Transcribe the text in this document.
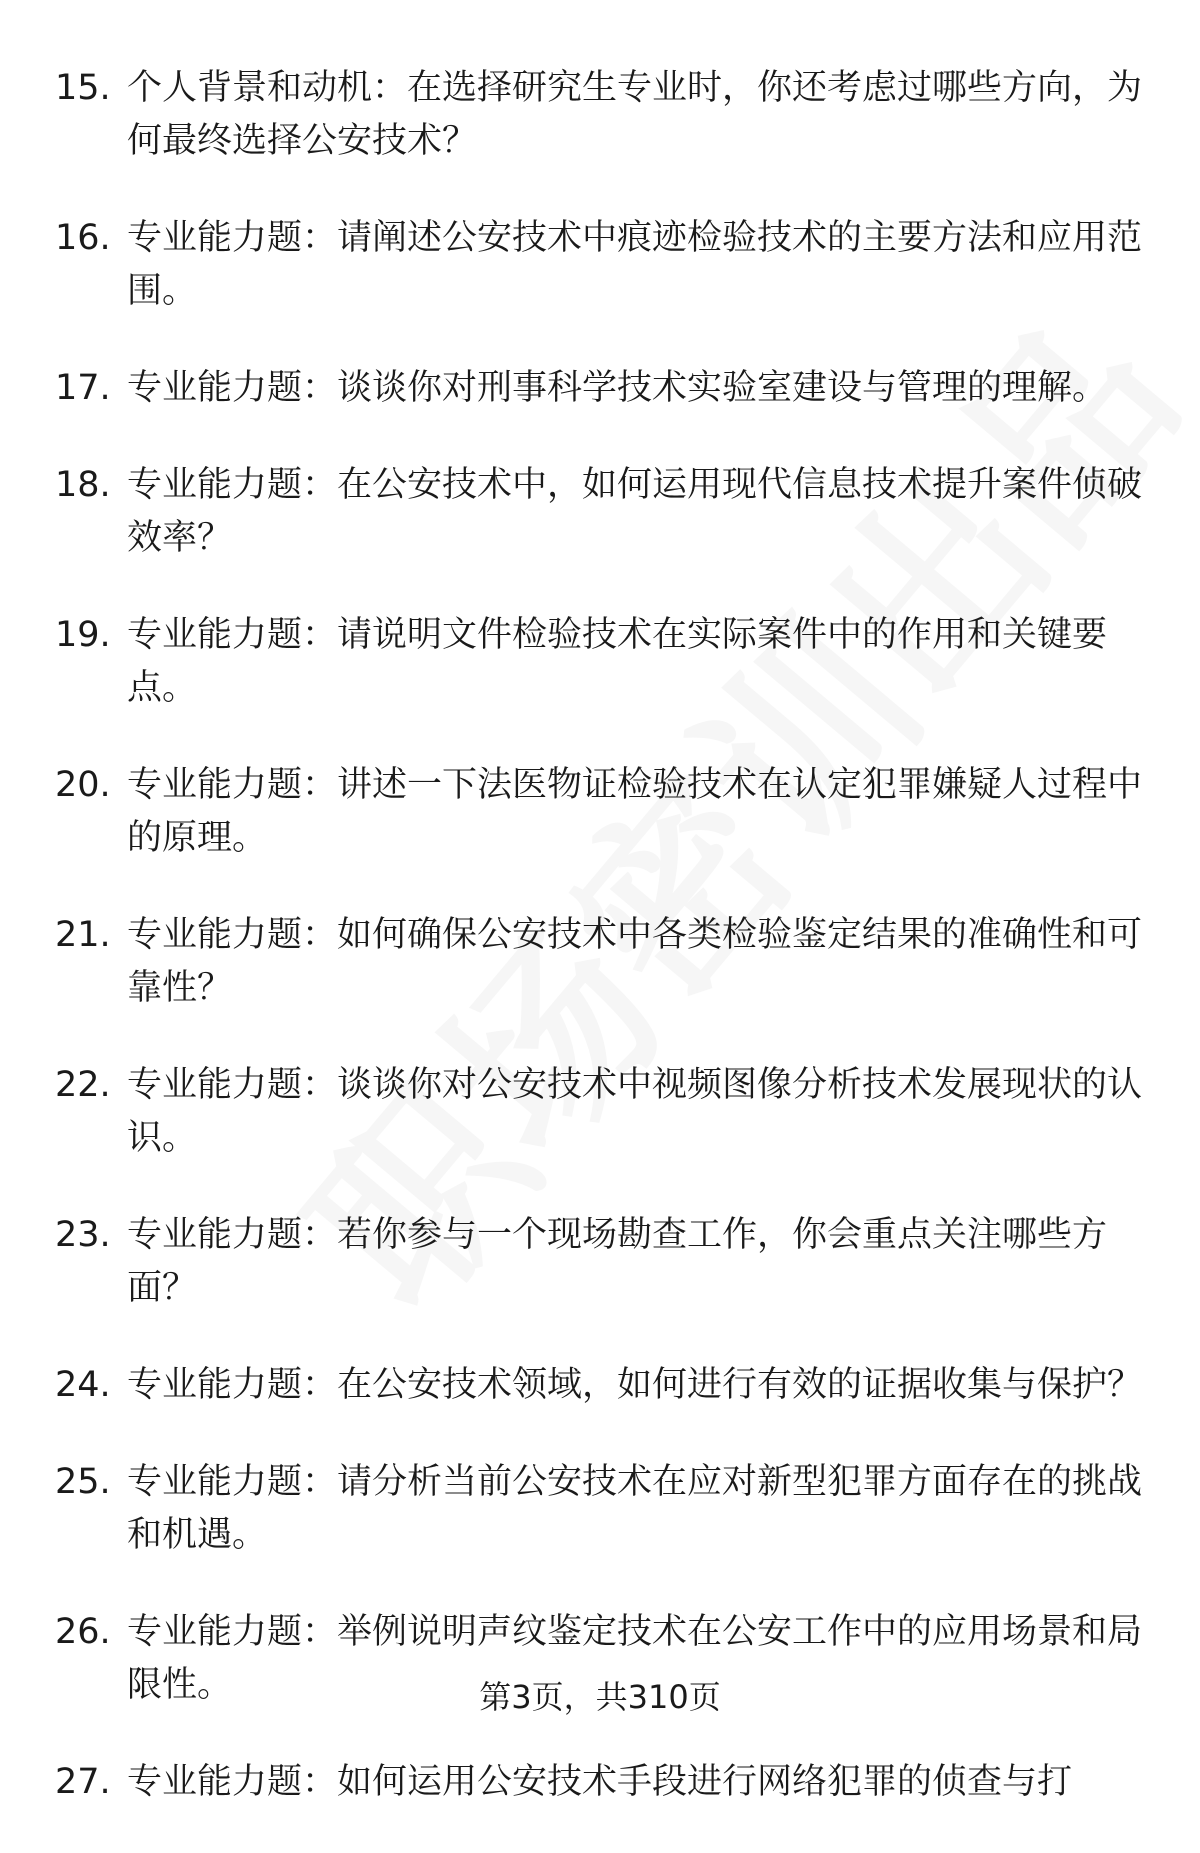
15. 个人背景和动机：在选择研究生专业时，你还考虑过哪些方向，为何最终选择公安技术？
16. 专业能力题：请阐述公安技术中痕迹检验技术的主要方法和应用范围。
17. 专业能力题：谈谈你对刑事科学技术实验室建设与管理的理解。
18. 专业能力题：在公安技术中，如何运用现代信息技术提升案件侦破效率？
19. 专业能力题：请说明文件检验技术在实际案件中的作用和关键要点。
20. 专业能力题：讲述一下法医物证检验技术在认定犯罪嫌疑人过程中的原理。
21. 专业能力题：如何确保公安技术中各类检验鉴定结果的准确性和可靠性？
22. 专业能力题：谈谈你对公安技术中视频图像分析技术发展现状的认识。
23. 专业能力题：若你参与一个现场勘查工作，你会重点关注哪些方面？
24. 专业能力题：在公安技术领域，如何进行有效的证据收集与保护？
25. 专业能力题：请分析当前公安技术在应对新型犯罪方面存在的挑战和机遇。
26. 专业能力题：举例说明声纹鉴定技术在公安工作中的应用场景和局限性。
27. 专业能力题：如何运用公安技术手段进行网络犯罪的侦查与打
第3页，共310页
